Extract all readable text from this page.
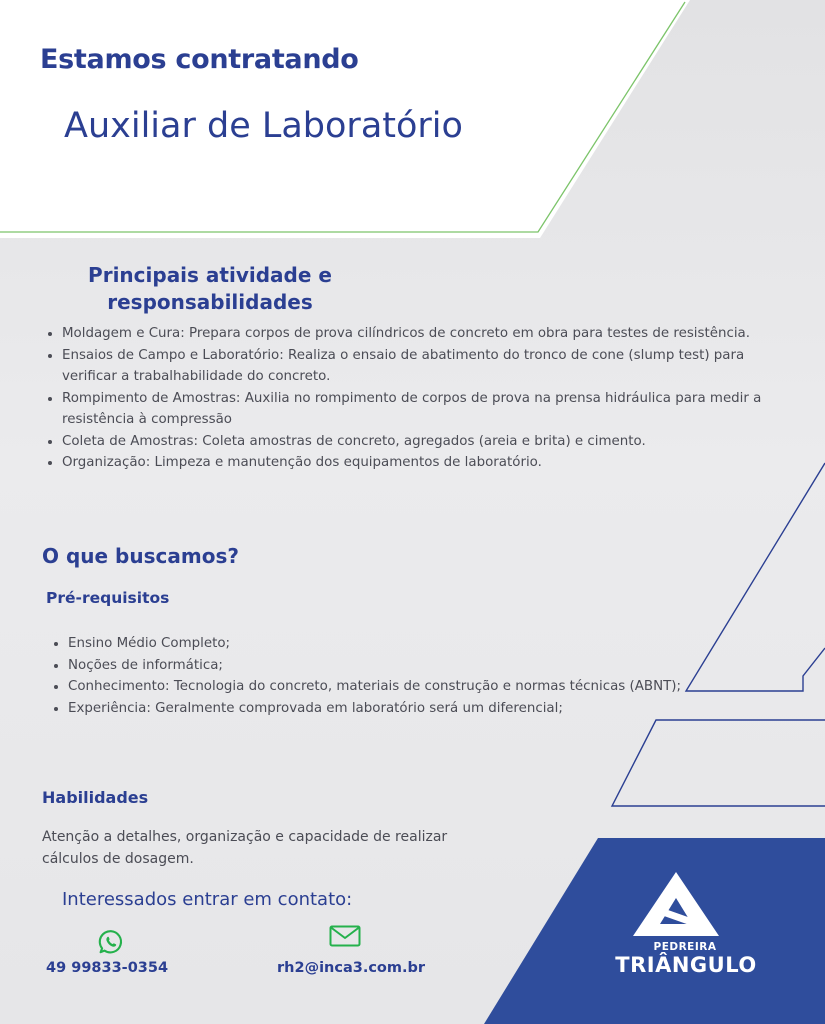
Estamos contratando

Auxiliar de Laboratório

Principais atividade e
responsabilidades
• Moldagem e Cura: Prepara corpos de prova cilíndricos de concreto em obra para testes de resistência.
• Ensaios de Campo e Laboratório: Realiza o ensaio de abatimento do tronco de cone (slump test) para verificar a trabalhabilidade do concreto.
• Rompimento de Amostras: Auxilia no rompimento de corpos de prova na prensa hidráulica para medir a resistência à compressão
• Coleta de Amostras: Coleta amostras de concreto, agregados (areia e brita) e cimento.
• Organização: Limpeza e manutenção dos equipamentos de laboratório.

O que buscamos?

Pré-requisitos

• Ensino Médio Completo;
• Noções de informática;
• Conhecimento: Tecnologia do concreto, materiais de construção e normas técnicas (ABNT);
• Experiência: Geralmente comprovada em laboratório será um diferencial;

Habilidades

Atenção a detalhes, organização e capacidade de realizar cálculos de dosagem.

Interessados entrar em contato:

49 99833-0354	rh2@inca3.com.br

PEDREIRA

TRIÂNGULO
